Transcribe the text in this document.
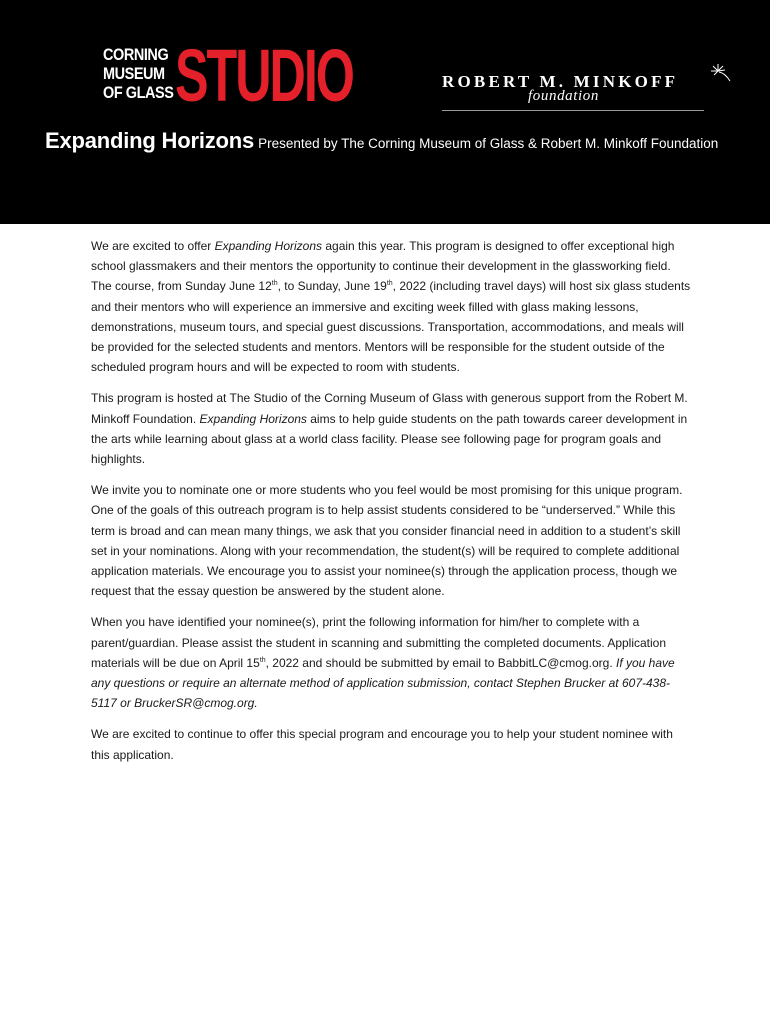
CORNING
MUSEUM
OF GLASS STUDIO	ROBERT M. MINKOFF
foundation
Expanding Horizons Presented by The Corning Museum of Glass & Robert M. Minkoff Foundation

We are excited to offer Expanding Horizons again this year. This program is designed to offer exceptional high school glassmakers and their mentors the opportunity to continue their development in the glassworking field. The course, from Sunday June 12th, to Sunday, June 19th, 2022 (including travel days) will host six glass students and their mentors who will experience an immersive and exciting week filled with glass making lessons, demonstrations, museum tours, and special guest discussions. Transportation, accommodations, and meals will be provided for the selected students and mentors. Mentors will be responsible for the student outside of the scheduled program hours and will be expected to room with students.

This program is hosted at The Studio of the Corning Museum of Glass with generous support from the Robert M. Minkoff Foundation. Expanding Horizons aims to help guide students on the path towards career development in the arts while learning about glass at a world class facility. Please see following page for program goals and highlights.

We invite you to nominate one or more students who you feel would be most promising for this unique program. One of the goals of this outreach program is to help assist students considered to be “underserved.” While this term is broad and can mean many things, we ask that you consider financial need in addition to a student’s skill set in your nominations. Along with your recommendation, the student(s) will be required to complete additional application materials. We encourage you to assist your nominee(s) through the application process, though we request that the essay question be answered by the student alone.

When you have identified your nominee(s), print the following information for him/her to complete with a parent/guardian. Please assist the student in scanning and submitting the completed documents. Application materials will be due on April 15th, 2022 and should be submitted by email to BabbitLC@cmog.org. If you have any questions or require an alternate method of application submission, contact Stephen Brucker at 607-438-5117 or BruckerSR@cmog.org.

We are excited to continue to offer this special program and encourage you to help your student nominee with this application.
